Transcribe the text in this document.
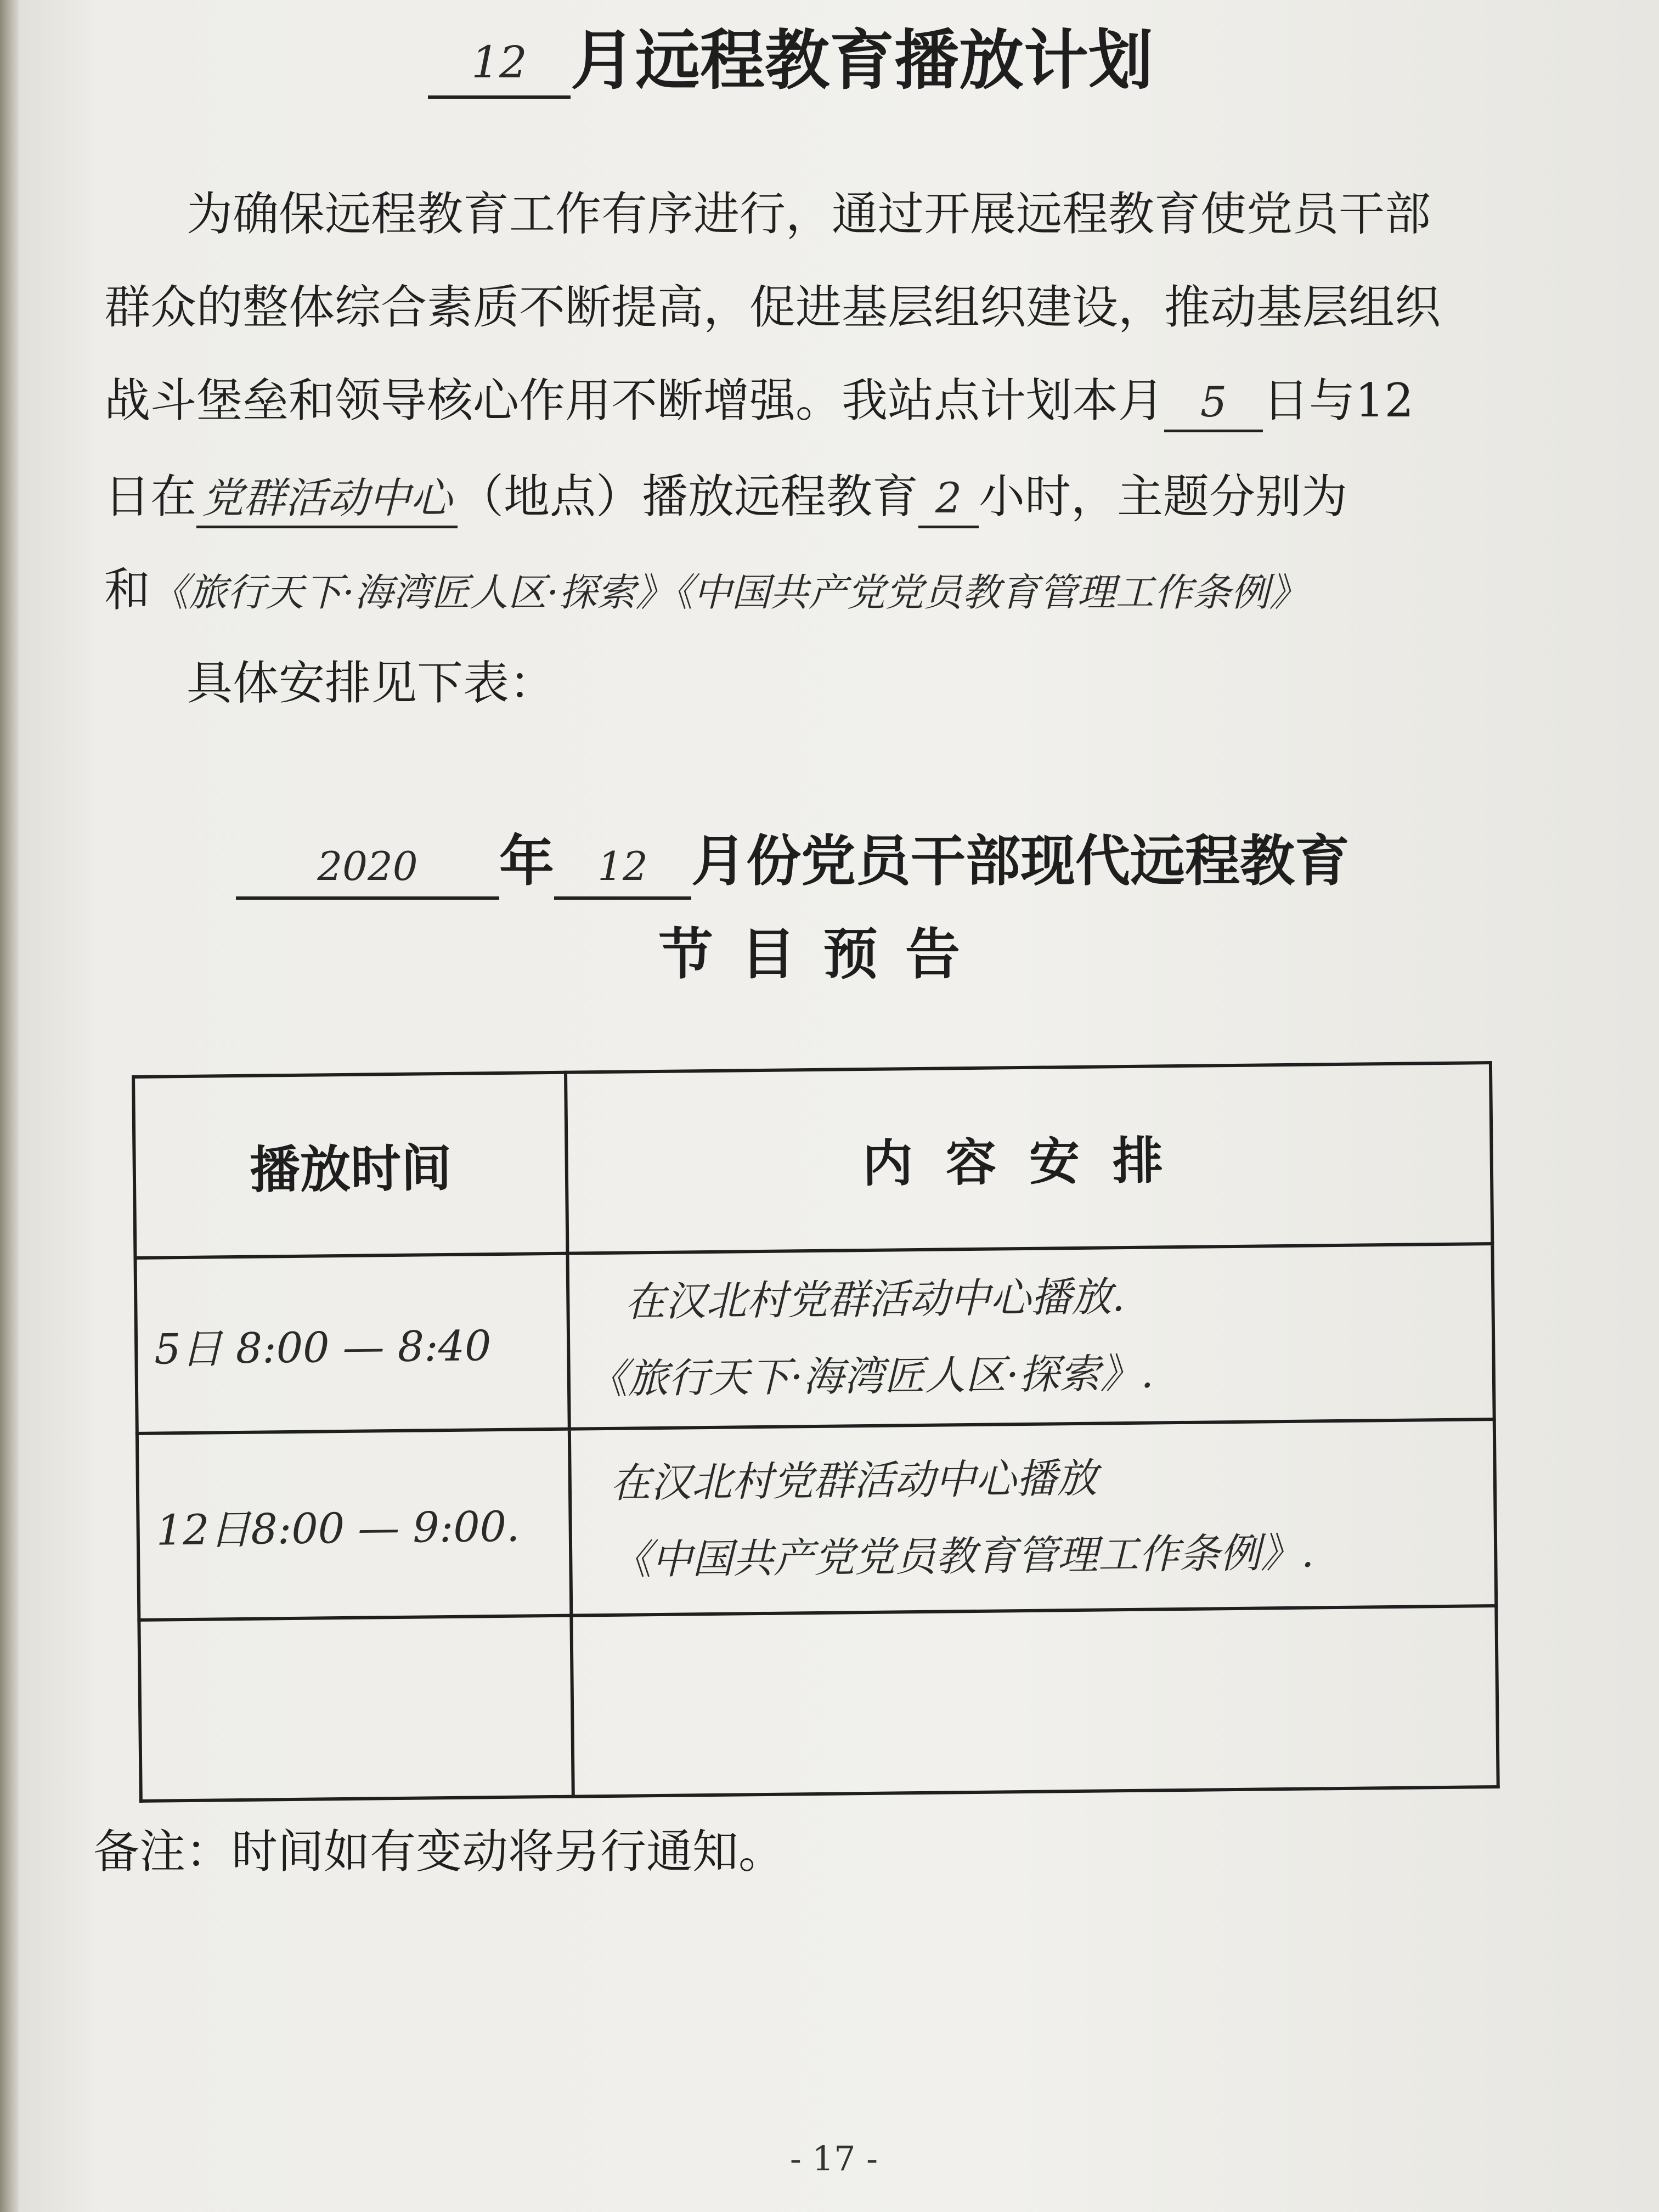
12 月远程教育播放计划
为确保远程教育工作有序进行，通过开展远程教育使党员干部
群众的整体综合素质不断提高，促进基层组织建设，推动基层组织
战斗堡垒和领导核心作用不断增强。我站点计划本月 5 日与12
日在 党群活动中心 （地点）播放远程教育 2 小时，主题分别为
和《旅行天下·海湾匠人区·探索》《中国共产党党员教育管理工作条例》
具体安排见下表：
2020 年 12 月份党员干部现代远程教育
节目预告
播放时间	内容安排
5日 8:00 — 8:40	在汉北村党群活动中心播放.
《旅行天下·海湾匠人区·探索》.

12日8:00 — 9:00.	在汉北村党群活动中心播放
《中国共产党党员教育管理工作条例》.

备注：时间如有变动将另行通知。
- 17 -
